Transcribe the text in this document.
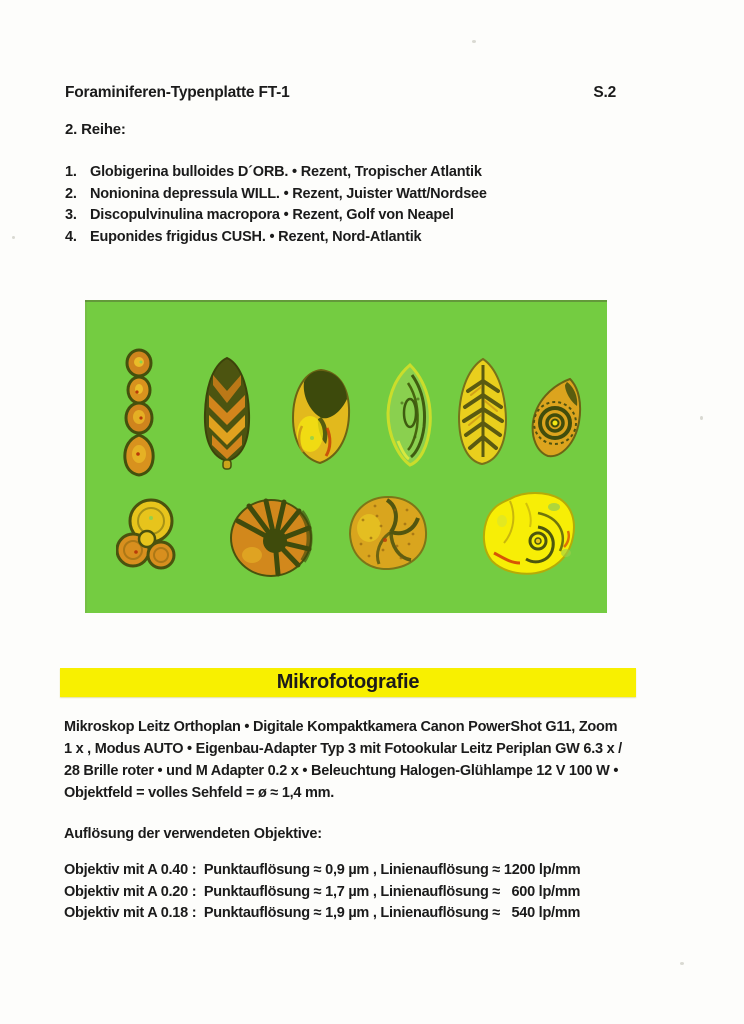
Foraminiferen-Typenplatte FT-1	S.2
2. Reihe:
1. Globigerina bulloides D´ORB. • Rezent, Tropischer Atlantik
2. Nonionina depressula WILL. • Rezent, Juister Watt/Nordsee
3. Discopulvinulina macropora • Rezent, Golf von Neapel
4. Euponides frigidus CUSH. • Rezent, Nord-Atlantik
Mikrofotografie
Mikroskop Leitz Orthoplan • Digitale Kompaktkamera Canon PowerShot G11, Zoom
1 x , Modus AUTO • Eigenbau-Adapter Typ 3 mit Fotookular Leitz Periplan GW 6.3 x /
28 Brille roter • und M Adapter 0.2 x • Beleuchtung Halogen-Glühlampe 12 V 100 W •
Objektfeld = volles Sehfeld = ø ≈ 1,4 mm.
Auflösung der verwendeten Objektive:
Objektiv mit A 0.40 :  Punktauflösung ≈ 0,9 µm , Linienauflösung ≈ 1200 lp/mm
Objektiv mit A 0.20 :  Punktauflösung ≈ 1,7 µm , Linienauflösung ≈   600 lp/mm
Objektiv mit A 0.18 :  Punktauflösung ≈ 1,9 µm , Linienauflösung ≈   540 lp/mm
